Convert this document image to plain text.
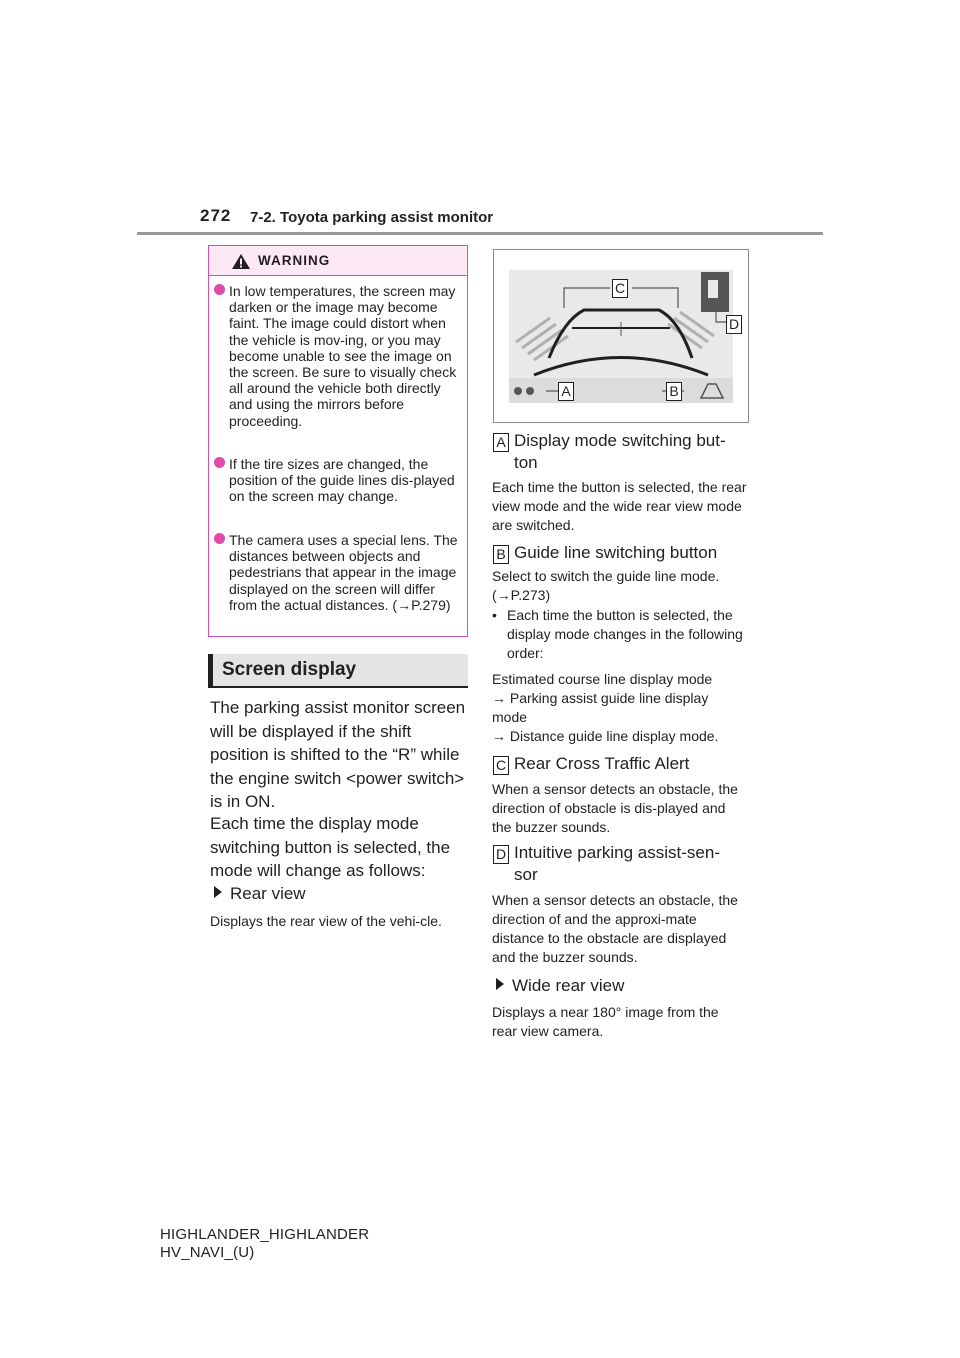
272 7-2. Toyota parking assist monitor
WARNING
In low temperatures, the screen may darken or the image may become faint. The image could distort when the vehicle is mov-ing, or you may become unable to see the image on the screen. Be sure to visually check all around the vehicle both directly and using the mirrors before proceeding.
If the tire sizes are changed, the position of the guide lines dis-played on the screen may change.
The camera uses a special lens. The distances between objects and pedestrians that appear in the image displayed on the screen will differ from the actual distances. (→P.279)
Screen display
The parking assist monitor screen will be displayed if the shift position is shifted to the “R” while the engine switch <power switch> is in ON.
Each time the display mode switching button is selected, the mode will change as follows:
Rear view
Displays the rear view of the vehi-cle.
C
D
A	B
A Display mode switching but-
ton
Each time the button is selected, the rear view mode and the wide rear view mode are switched.
B Guide line switching button
Select to switch the guide line mode. (→P.273)
• Each time the button is selected, the display mode changes in the following order:
Estimated course line display mode
→ Parking assist guide line display mode
→ Distance guide line display mode.
C Rear Cross Traffic Alert
When a sensor detects an obstacle, the direction of obstacle is dis-played and the buzzer sounds.
D Intuitive parking assist-sen-
sor
When a sensor detects an obstacle, the direction of and the approxi-mate distance to the obstacle are displayed and the buzzer sounds.
Wide rear view
Displays a near 180° image from the rear view camera.
HIGHLANDER_HIGHLANDER
HV_NAVI_(U)
